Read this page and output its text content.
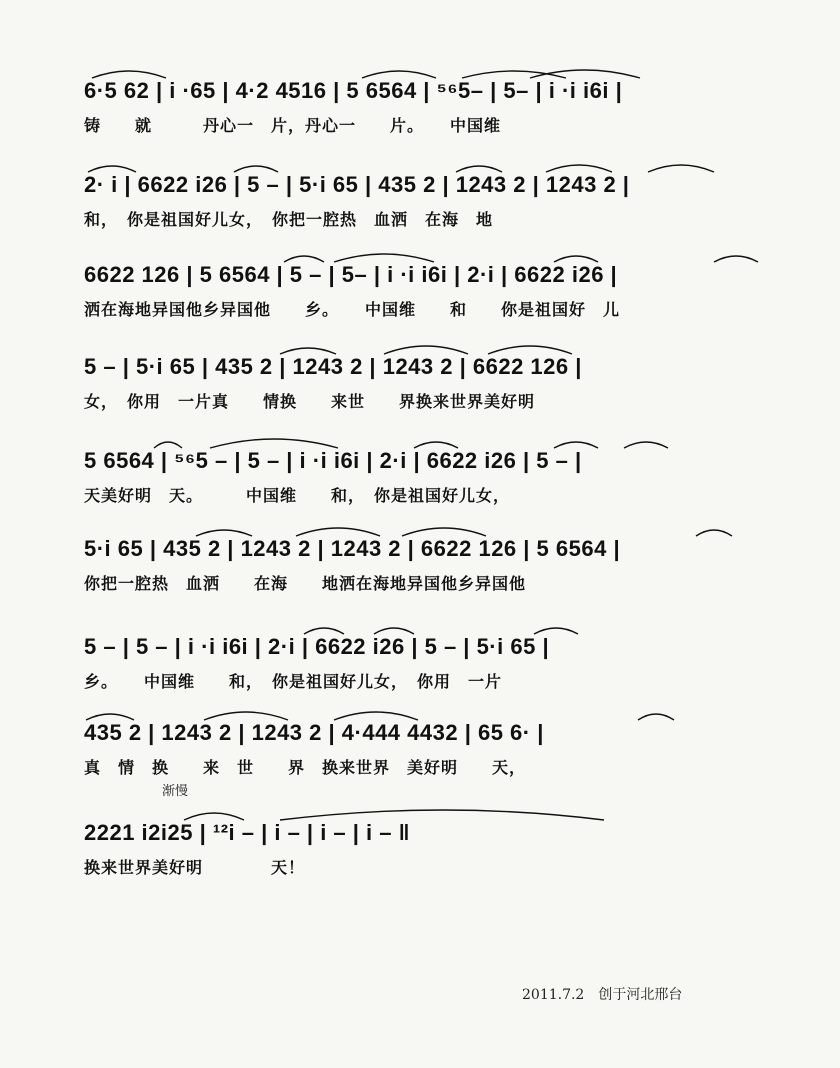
6·5 62 | i ·65 | 4·2 4516 | 5 6564 | ⁵⁶5– | 5– | i ·i i6i |
铸　　就　　　丹心一　片，丹心一　　片。　　中国维
2· i | 6622 i26 | 5 – | 5·i 65 | 435 2 | 1243 2 | 1243 2 |
和，　你是祖国好儿女，　你把一腔热　血洒　在海　地
6622 126 | 5 6564 | 5 – | 5– | i ·i i6i | 2·i | 6622 i26 |
洒在海地异国他乡异国他　　乡。　　中国维　　和　　你是祖国好　儿
5 – | 5·i 65 | 435 2 | 1243 2 | 1243 2 | 6622 126 |
女，　你用　一片真　　情换　　来世　　界换来世界美好明
5 6564 | ⁵⁶5 – | 5 – | i ·i i6i | 2·i | 6622 i26 | 5 – |
天美好明　天。　　　中国维　　和，　你是祖国好儿女，
5·i 65 | 435 2 | 1243 2 | 1243 2 | 6622 126 | 5 6564 |
你把一腔热　血洒　　在海　　地洒在海地异国他乡异国他
5 – | 5 – | i ·i i6i | 2·i | 6622 i26 | 5 – | 5·i 65 |
乡。　　中国维　　和，　你是祖国好儿女，　你用　一片
435 2 | 1243 2 | 1243 2 | 4·444 4432 | 65 6· |
真　情　换　　来　世　　界　换来世界　美好明　　天，
渐慢
2221 i2i25 | ¹²i – | i – | i – | i – ‖
换来世界美好明　　　　天！
2011.7.2　创于河北邢台
